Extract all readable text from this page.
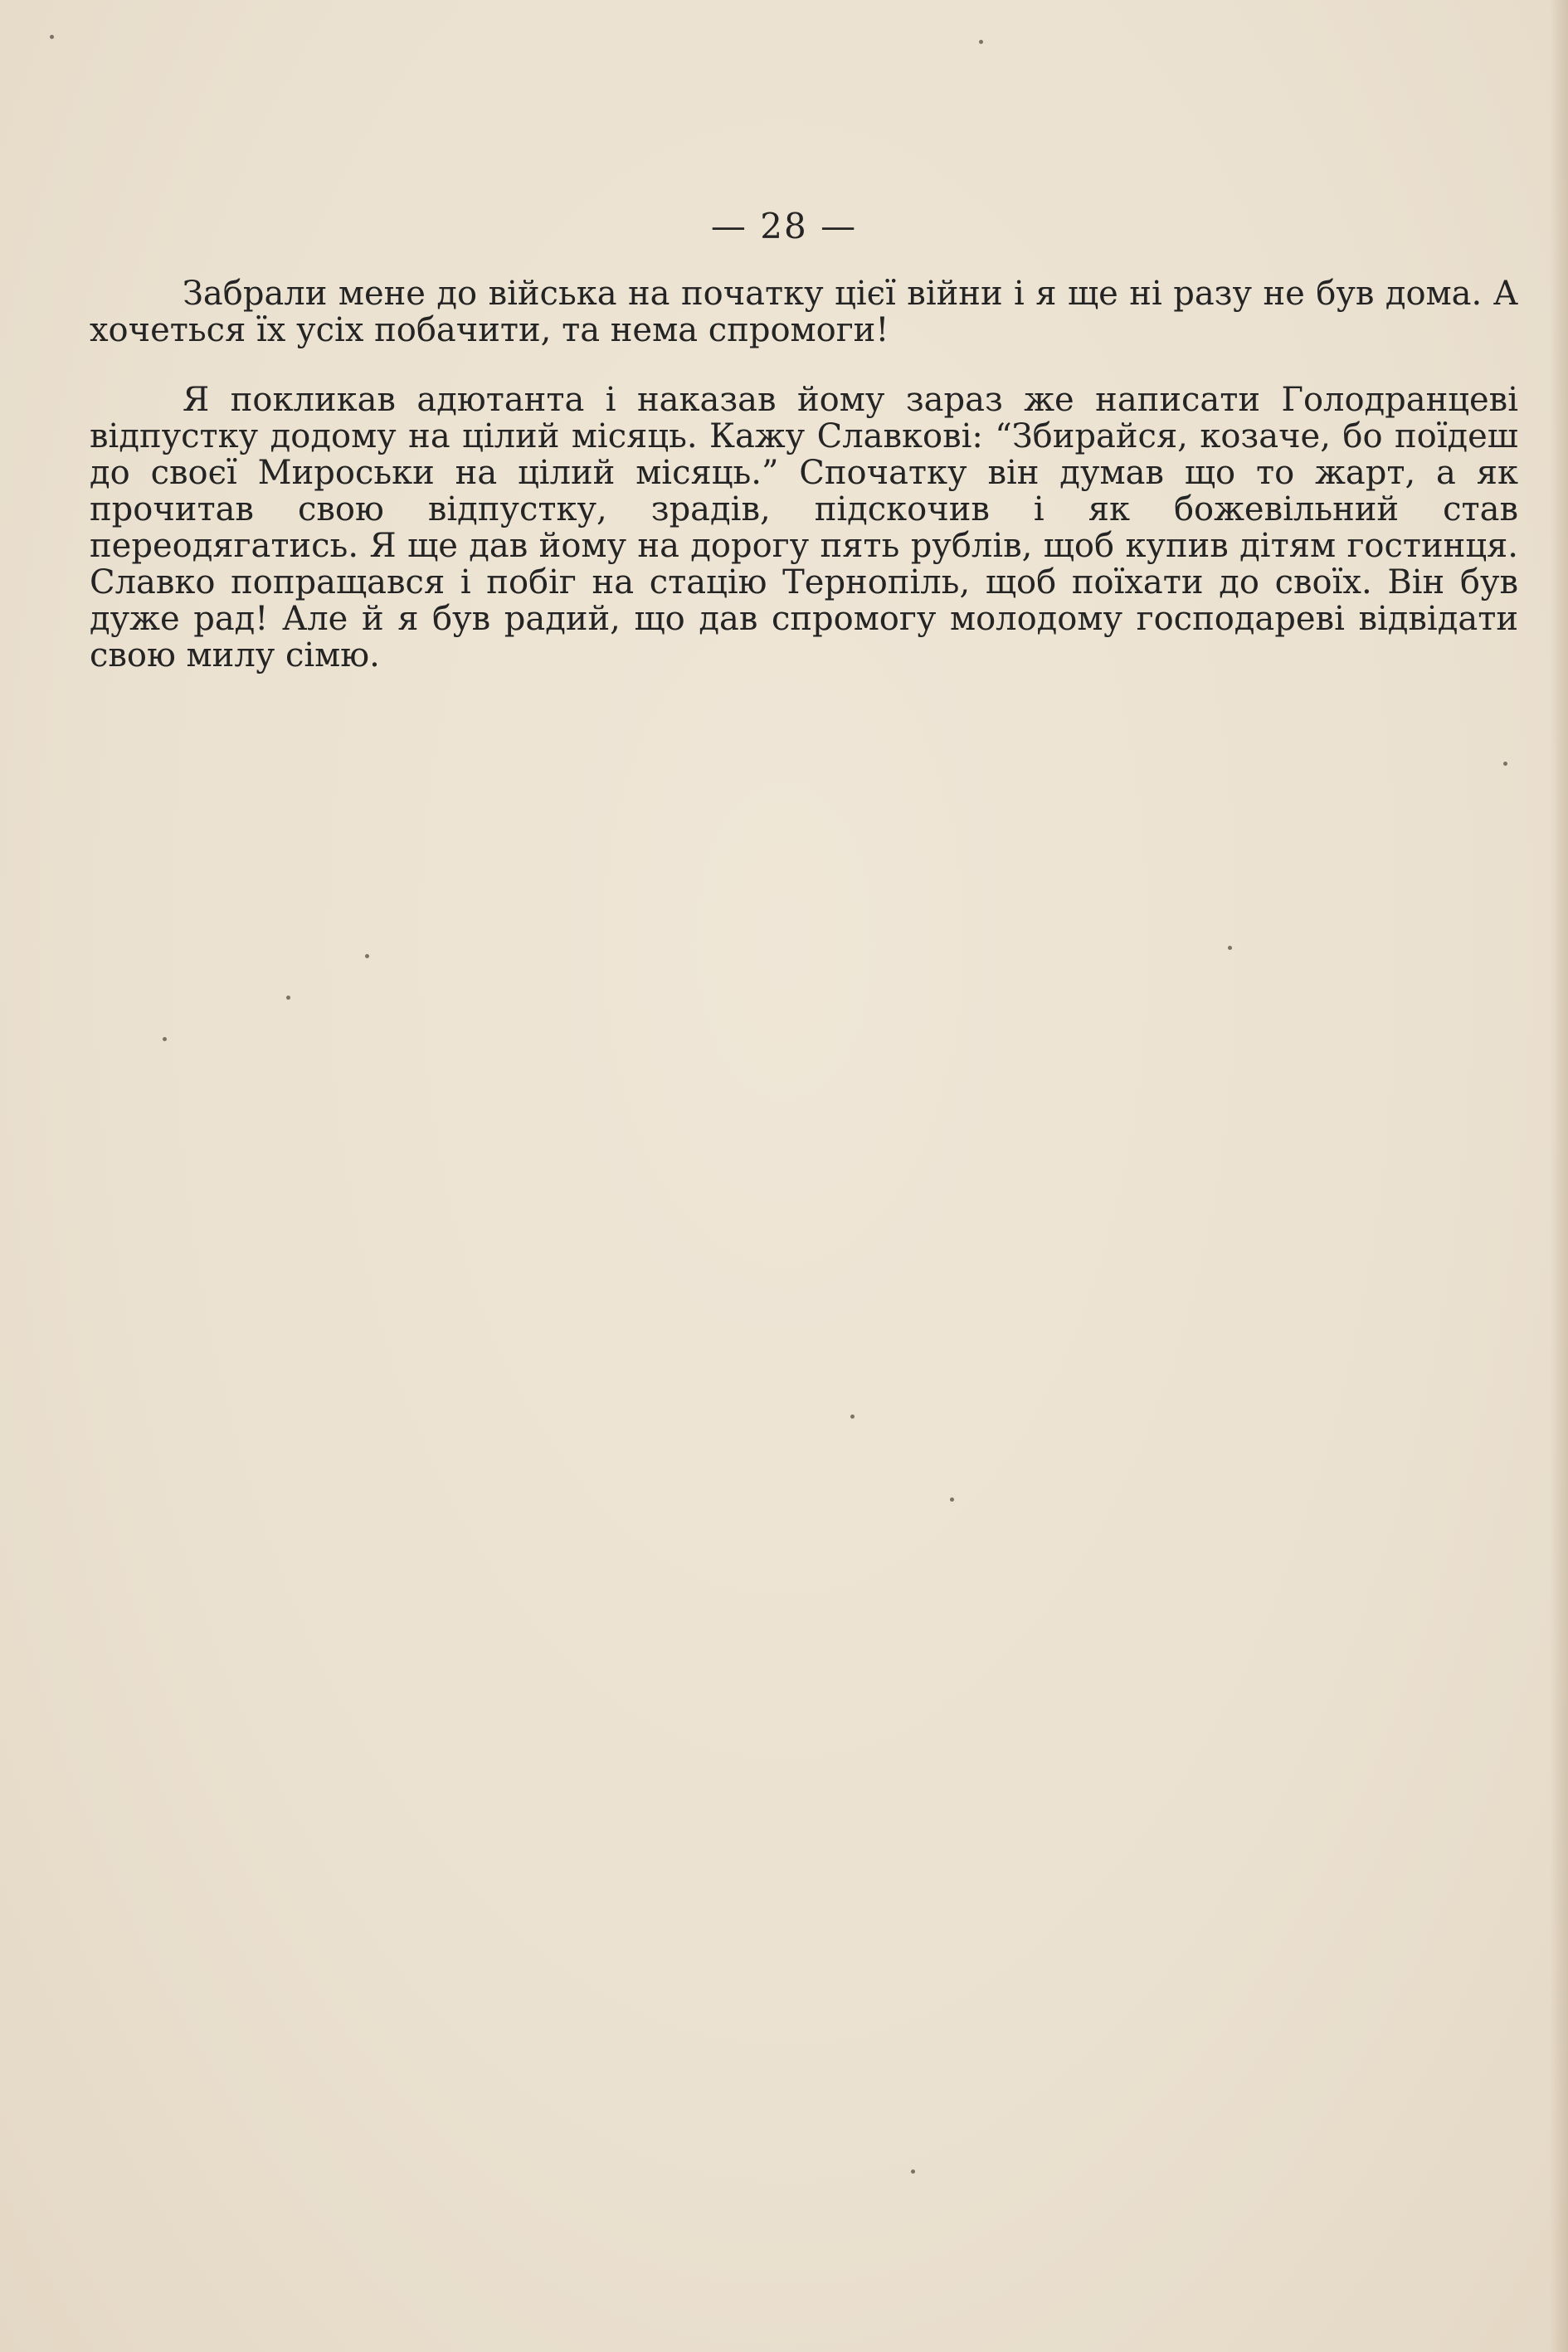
— 28 —

Забрали мене до війська на початку цієї війни і я ще ні разу не був дома. А хочеться їх усіх побачити, та нема спромоги!

Я покликав адютанта і наказав йому зараз же написати Голодранцеві відпустку додому на цілий місяць. Кажу Славкові: “Збирайся, козаче, бо поїдеш до своєї Мироськи на цілий місяць.” Спочатку він думав що то жарт, а як прочитав свою відпустку, зрадів, підскочив і як божевільний став переодягатись. Я ще дав йому на дорогу пять рублів, щоб купив дітям гостинця. Славко попращався і побіг на стацію Тернопіль, щоб поїхати до своїх. Він був дуже рад! Але й я був радий, що дав спромогу молодому господареві відвідати свою милу сімю.
